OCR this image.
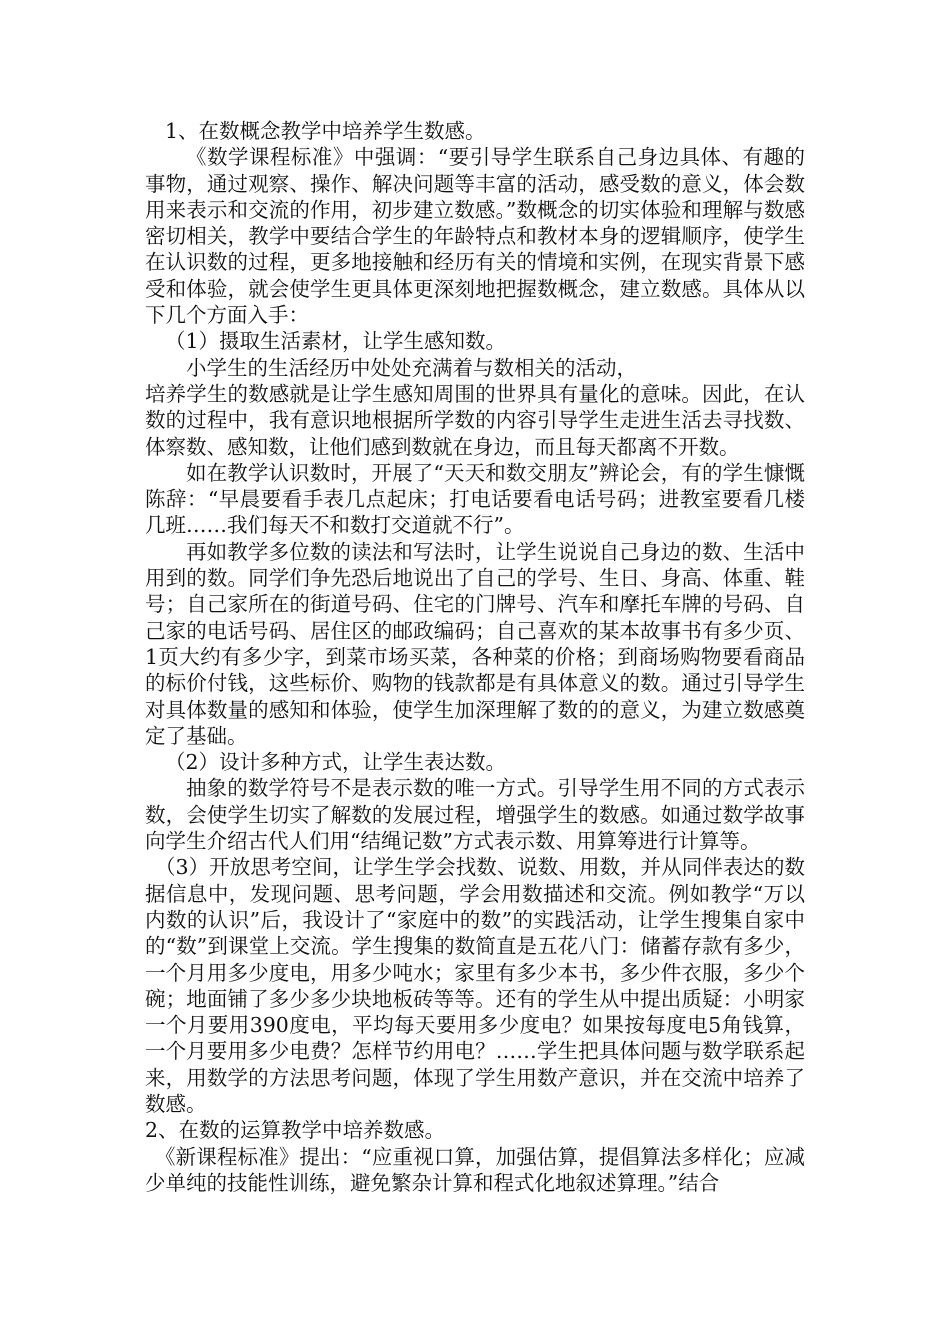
1、在数概念教学中培养学生数感。

《数学课程标准》中强调：“要引导学生联系自己身边具体、有趣的事物，通过观察、操作、解决问题等丰富的活动，感受数的意义，体会数用来表示和交流的作用，初步建立数感。”数概念的切实体验和理解与数感密切相关，教学中要结合学生的年龄特点和教材本身的逻辑顺序，使学生在认识数的过程，更多地接触和经历有关的情境和实例，在现实背景下感受和体验，就会使学生更具体更深刻地把握数概念，建立数感。具体从以下几个方面入手：

（1）摄取生活素材，让学生感知数。

小学生的生活经历中处处充满着与数相关的活动，

培养学生的数感就是让学生感知周围的世界具有量化的意味。因此，在认数的过程中，我有意识地根据所学数的内容引导学生走进生活去寻找数、体察数、感知数，让他们感到数就在身边，而且每天都离不开数。

如在教学认识数时，开展了“天天和数交朋友”辨论会，有的学生慷慨陈辞：“早晨要看手表几点起床；打电话要看电话号码；进教室要看几楼几班……我们每天不和数打交道就不行”。

再如教学多位数的读法和写法时，让学生说说自己身边的数、生活中用到的数。同学们争先恐后地说出了自己的学号、生日、身高、体重、鞋号；自己家所在的街道号码、住宅的门牌号、汽车和摩托车牌的号码、自己家的电话号码、居住区的邮政编码；自己喜欢的某本故事书有多少页、1页大约有多少字，到菜市场买菜，各种菜的价格；到商场购物要看商品的标价付钱，这些标价、购物的钱款都是有具体意义的数。通过引导学生对具体数量的感知和体验，使学生加深理解了数的的意义，为建立数感奠定了基础。

（2）设计多种方式，让学生表达数。

抽象的数学符号不是表示数的唯一方式。引导学生用不同的方式表示数，会使学生切实了解数的发展过程，增强学生的数感。如通过数学故事向学生介绍古代人们用“结绳记数”方式表示数、用算筹进行计算等。

（3）开放思考空间，让学生学会找数、说数、用数，并从同伴表达的数据信息中，发现问题、思考问题，学会用数描述和交流。例如教学“万以内数的认识”后，我设计了“家庭中的数”的实践活动，让学生搜集自家中的“数”到课堂上交流。学生搜集的数简直是五花八门：储蓄存款有多少，一个月用多少度电，用多少吨水；家里有多少本书，多少件衣服，多少个碗；地面铺了多少多少块地板砖等等。还有的学生从中提出质疑：小明家一个月要用390度电，平均每天要用多少度电？如果按每度电5角钱算，一个月要用多少电费？怎样节约用电？……学生把具体问题与数学联系起来，用数学的方法思考问题，体现了学生用数产意识，并在交流中培养了数感。

2、在数的运算教学中培养数感。

《新课程标准》提出：“应重视口算，加强估算，提倡算法多样化；应减少单纯的技能性训练，避免繁杂计算和程式化地叙述算理。”结合
